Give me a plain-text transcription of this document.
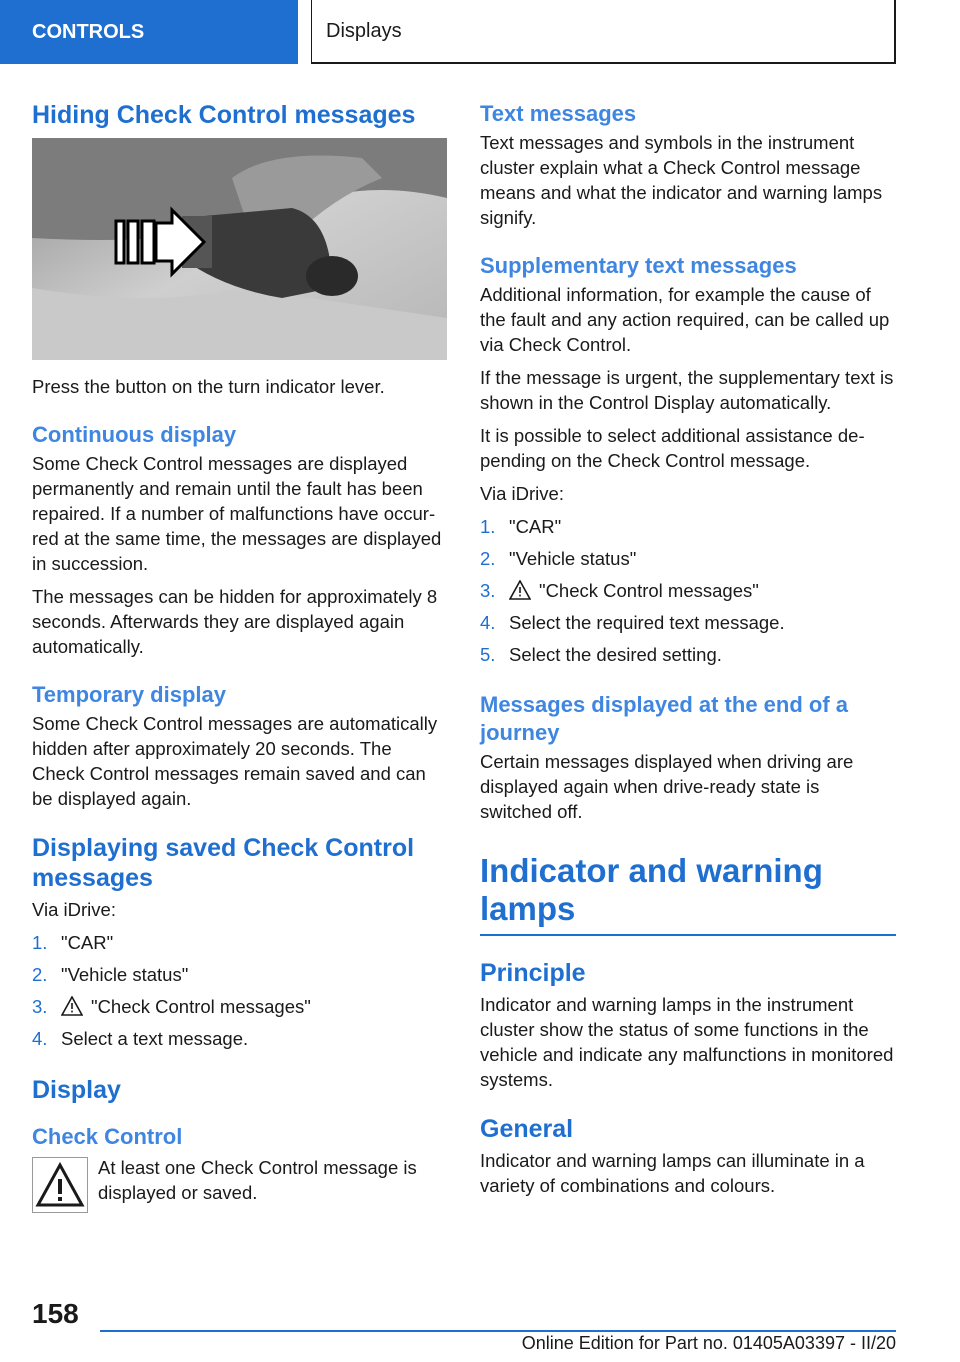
CONTROLS	Displays
Hiding Check Control messages

Press the button on the turn indicator lever.

Continuous display

Some Check Control messages are displayed permanently and remain until the fault has been repaired. If a number of malfunctions have occurred at the same time, the messages are displayed in succession.

The messages can be hidden for approximately 8 seconds. Afterwards they are displayed again automatically.

Temporary display

Some Check Control messages are automatically hidden after approximately 20 seconds. The Check Control messages remain saved and can be displayed again.

Displaying saved Check Control messages

Via iDrive:

1. "CAR"
2. "Vehicle status"
3.	"Check Control messages"
4. Select a text message.
Display
Check Control

At least one Check Control message is displayed or saved.

Text messages

Text messages and symbols in the instrument cluster explain what a Check Control message means and what the indicator and warning lamps signify.

Supplementary text messages

Additional information, for example the cause of the fault and any action required, can be called up via Check Control.

If the message is urgent, the supplementary text is shown in the Control Display automatically.

It is possible to select additional assistance depending on the Check Control message.

Via iDrive:

1. "CAR"
2. "Vehicle status"
3.	"Check Control messages"
4. Select the required text message.
5. Select the desired setting.
Messages displayed at the end of a journey

Certain messages displayed when driving are displayed again when drive-ready state is switched off.

Indicator and warning lamps
Principle

Indicator and warning lamps in the instrument cluster show the status of some functions in the vehicle and indicate any malfunctions in monitored systems.

General

Indicator and warning lamps can illuminate in a variety of combinations and colours.

158
Online Edition for Part no. 01405A03397 - II/20
